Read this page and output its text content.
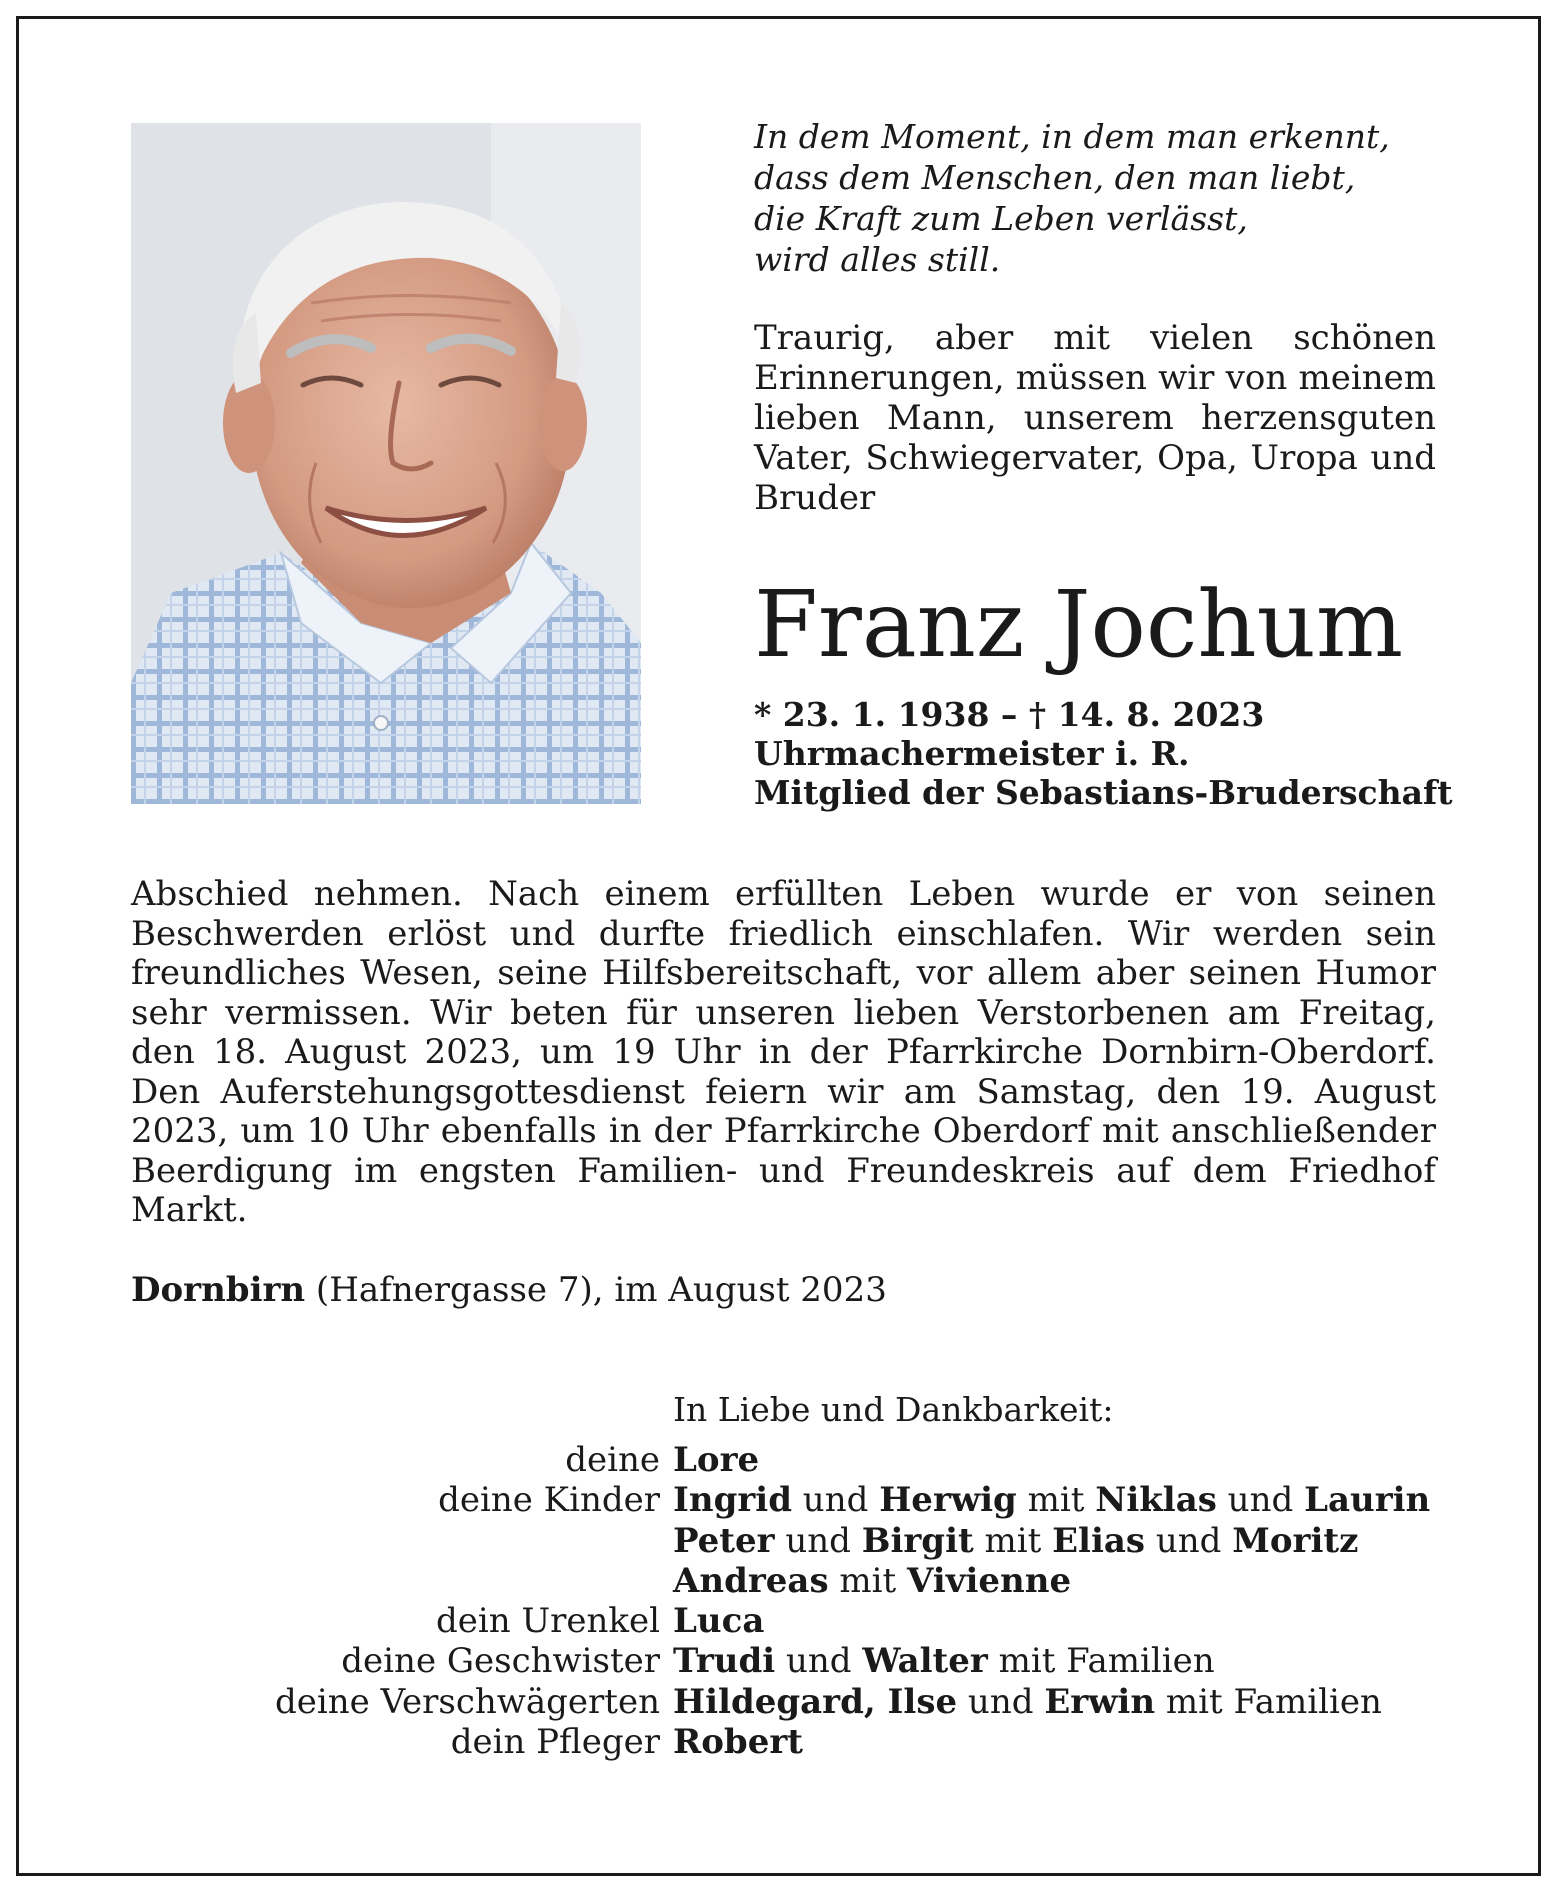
In dem Moment, in dem man erkennt,
dass dem Menschen, den man liebt,
die Kraft zum Leben verlässt,
wird alles still.

Traurig, aber mit vielen schönen Erinnerungen, müssen wir von meinem lieben Mann, unserem herzensguten Vater, Schwiegervater, Opa, Uropa und Bruder

Franz Jochum
* 23. 1. 1938 – † 14. 8. 2023
Uhrmachermeister i. R.
Mitglied der Sebastians-Bruderschaft

Abschied nehmen. Nach einem erfüllten Leben wurde er von seinen Beschwerden erlöst und durfte friedlich einschlafen. Wir werden sein freundliches Wesen, seine Hilfsbereitschaft, vor allem aber seinen Humor sehr vermissen. Wir beten für unseren lieben Verstorbenen am Freitag, den 18. August 2023, um 19 Uhr in der Pfarrkirche Dornbirn-Oberdorf. Den Auferstehungsgottesdienst feiern wir am Samstag, den 19. August 2023, um 10 Uhr ebenfalls in der Pfarrkirche Oberdorf mit anschließender Beerdigung im engsten Familien- und Freundeskreis auf dem Friedhof Markt.

Dornbirn (Hafnergasse 7), im August 2023
In Liebe und Dankbarkeit:
deine Lore
deine Kinder Ingrid und Herwig mit Niklas und Laurin
Peter und Birgit mit Elias und Moritz
Andreas mit Vivienne
dein Urenkel Luca
deine Geschwister Trudi und Walter mit Familien
deine Verschwägerten Hildegard, Ilse und Erwin mit Familien
dein Pfleger Robert
